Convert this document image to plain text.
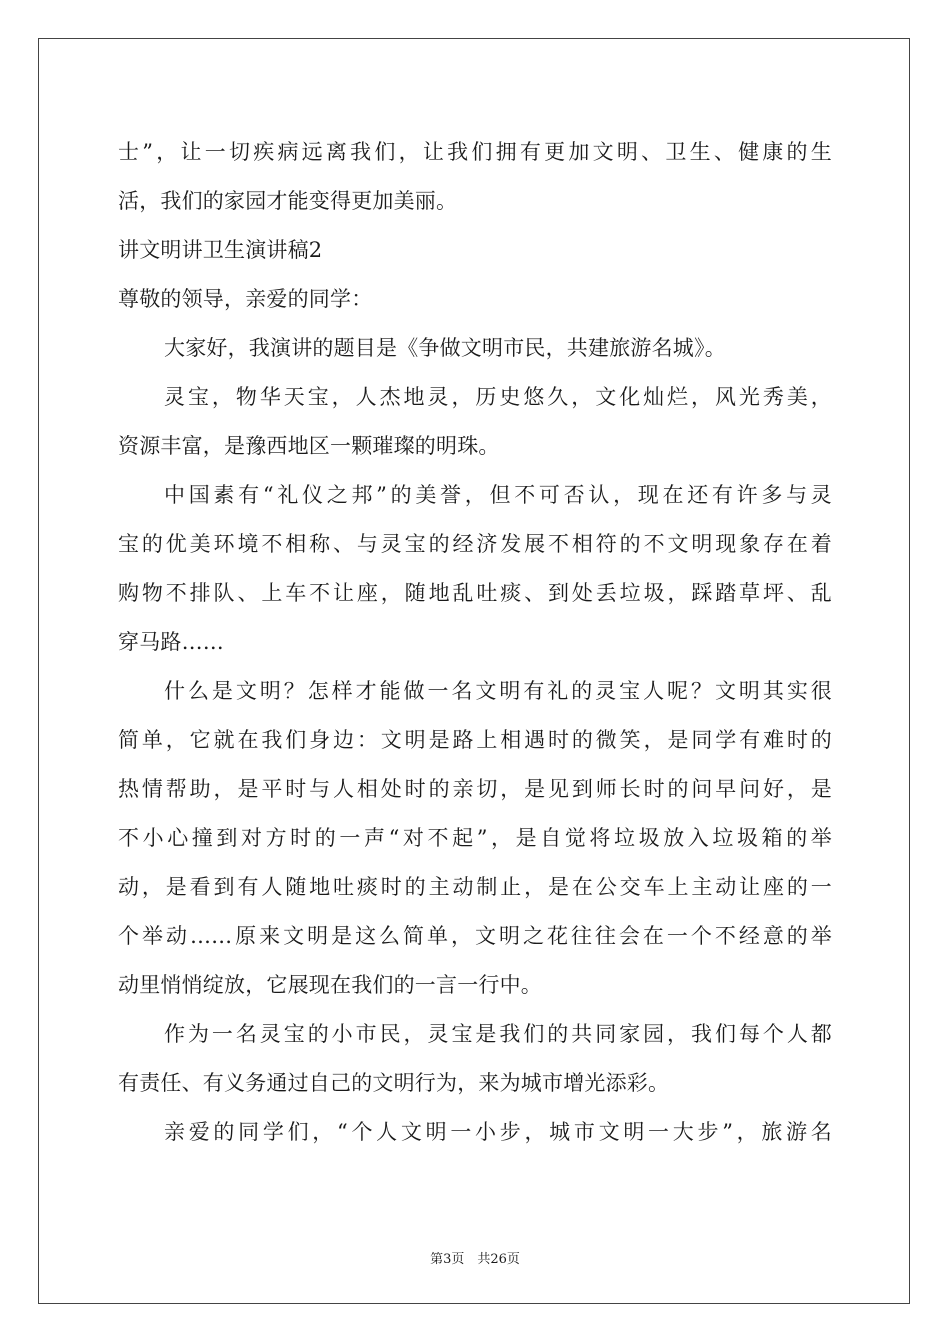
士”，让一切疾病远离我们，让我们拥有更加文明、卫生、健康的生
活，我们的家园才能变得更加美丽。
讲文明讲卫生演讲稿2
尊敬的领导，亲爱的同学：
大家好，我演讲的题目是《争做文明市民，共建旅游名城》。
灵宝，物华天宝，人杰地灵，历史悠久，文化灿烂，风光秀美，
资源丰富，是豫西地区一颗璀璨的明珠。
中国素有“礼仪之邦”的美誉，但不可否认，现在还有许多与灵
宝的优美环境不相称、与灵宝的经济发展不相符的不文明现象存在着
购物不排队、上车不让座，随地乱吐痰、到处丢垃圾，踩踏草坪、乱
穿马路……
什么是文明？怎样才能做一名文明有礼的灵宝人呢？文明其实很
简单，它就在我们身边：文明是路上相遇时的微笑，是同学有难时的
热情帮助，是平时与人相处时的亲切，是见到师长时的问早问好，是
不小心撞到对方时的一声“对不起”，是自觉将垃圾放入垃圾箱的举
动，是看到有人随地吐痰时的主动制止，是在公交车上主动让座的一
个举动……原来文明是这么简单，文明之花往往会在一个不经意的举
动里悄悄绽放，它展现在我们的一言一行中。
作为一名灵宝的小市民，灵宝是我们的共同家园，我们每个人都
有责任、有义务通过自己的文明行为，来为城市增光添彩。
亲爱的同学们，“个人文明一小步，城市文明一大步”，旅游名
第3页　共26页
